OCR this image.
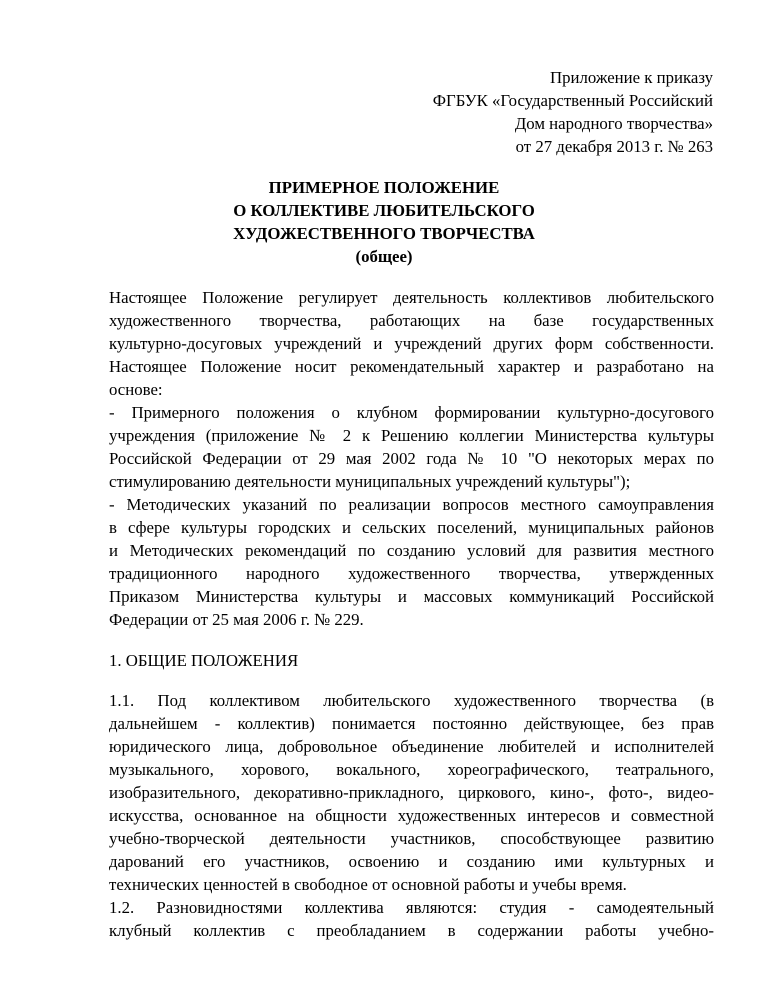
Приложение к приказу
ФГБУК «Государственный Российский
Дом народного творчества»
от 27 декабря 2013 г. № 263
ПРИМЕРНОЕ ПОЛОЖЕНИЕ
О КОЛЛЕКТИВЕ ЛЮБИТЕЛЬСКОГО
ХУДОЖЕСТВЕННОГО ТВОРЧЕСТВА
(общее)
Настоящее Положение регулирует деятельность коллективов любительского
художественного творчества, работающих на базе государственных
культурно-досуговых учреждений и учреждений других форм собственности.
Настоящее Положение носит рекомендательный характер и разработано на
основе:
- Примерного положения о клубном формировании культурно-досугового
учреждения (приложение № 2 к Решению коллегии Министерства культуры
Российской Федерации от 29 мая 2002 года № 10 "О некоторых мерах по
стимулированию деятельности муниципальных учреждений культуры");
- Методических указаний по реализации вопросов местного самоуправления
в сфере культуры городских и сельских поселений, муниципальных районов
и Методических рекомендаций по созданию условий для развития местного
традиционного народного художественного творчества, утвержденных
Приказом Министерства культуры и массовых коммуникаций Российской
Федерации от 25 мая 2006 г. № 229.
1. ОБЩИЕ ПОЛОЖЕНИЯ
1.1. Под коллективом любительского художественного творчества (в
дальнейшем - коллектив) понимается постоянно действующее, без прав
юридического лица, добровольное объединение любителей и исполнителей
музыкального, хорового, вокального, хореографического, театрального,
изобразительного, декоративно-прикладного, циркового, кино-, фото-, видео-
искусства, основанное на общности художественных интересов и совместной
учебно-творческой деятельности участников, способствующее развитию
дарований его участников, освоению и созданию ими культурных и
технических ценностей в свободное от основной работы и учебы время.
1.2. Разновидностями коллектива являются: студия - самодеятельный
клубный коллектив с преобладанием в содержании работы учебно-
